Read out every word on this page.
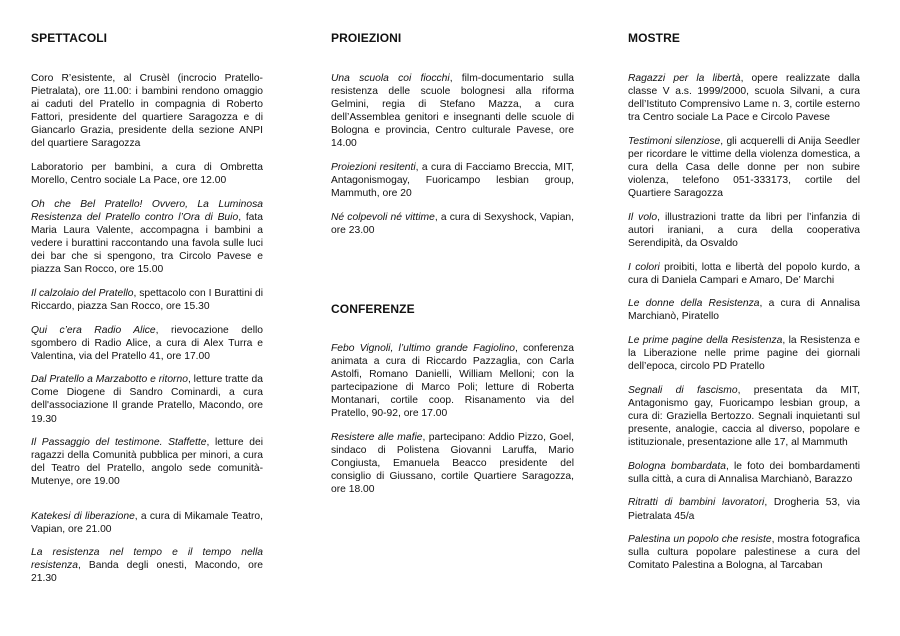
SPETTACOLI

Coro R’esistente, al Crusèl (incrocio Pratello-Pietralata), ore 11.00: i bambini rendono omaggio ai caduti del Pratello in compagnia di Roberto Fattori, presidente del quartiere Saragozza e di Giancarlo Grazia, presidente della sezione ANPI del quartiere Saragozza

Laboratorio per bambini, a cura di Ombretta Morello, Centro sociale La Pace, ore 12.00

Oh che Bel Pratello! Ovvero, La Luminosa Resistenza del Pratello contro l’Ora di Buio, fata Maria Laura Valente, accompagna i bambini a vedere i burattini raccontando una favola sulle luci dei bar che si spengono, tra Circolo Pavese e piazza San Rocco, ore 15.00

Il calzolaio del Pratello, spettacolo con I Burattini di Riccardo, piazza San Rocco, ore 15.30

Qui c’era Radio Alice, rievocazione dello sgombero di Radio Alice, a cura di Alex Turra e Valentina, via del Pratello 41, ore 17.00

Dal Pratello a Marzabotto e ritorno, letture tratte da Come Diogene di Sandro Cominardi, a cura dell'associazione Il grande Pratello, Macondo, ore 19.30

Il Passaggio del testimone. Staffette, letture dei ragazzi della Comunità pubblica per minori, a cura del Teatro del Pratello, angolo sede comunità-Mutenye, ore 19.00

Katekesi di liberazione, a cura di Mikamale Teatro, Vapian, ore 21.00

La resistenza nel tempo e il tempo nella resistenza, Banda degli onesti, Macondo, ore 21.30

PROIEZIONI

Una scuola coi fiocchi, film-documentario sulla resistenza delle scuole bolognesi alla riforma Gelmini, regia di Stefano Mazza, a cura dell’Assemblea genitori e insegnanti delle scuole di Bologna e provincia, Centro culturale Pavese, ore 14.00

Proiezioni resitenti, a cura di Facciamo Breccia, MIT, Antagonismogay, Fuoricampo lesbian group, Mammuth, ore 20

Né colpevoli né vittime, a cura di Sexyshock, Vapian, ore 23.00

CONFERENZE

Febo Vignoli, l’ultimo grande Fagiolino, conferenza animata a cura di Riccardo Pazzaglia, con Carla Astolfi, Romano Danielli, William Melloni; con la partecipazione di Marco Poli; letture di Roberta Montanari, cortile coop. Risanamento via del Pratello, 90-92, ore 17.00

Resistere alle mafie, partecipano: Addio Pizzo, Goel, sindaco di Polistena Giovanni Laruffa, Mario Congiusta, Emanuela Beacco presidente del consiglio di Giussano, cortile Quartiere Saragozza, ore 18.00

MOSTRE

Ragazzi per la libertà, opere realizzate dalla classe V a.s. 1999/2000, scuola Silvani, a cura dell’Istituto Comprensivo Lame n. 3, cortile esterno tra Centro sociale La Pace e Circolo Pavese

Testimoni silenziose, gli acquerelli di Anija Seedler per ricordare le vittime della violenza domestica, a cura della Casa delle donne per non subire violenza, telefono 051-333173, cortile del Quartiere Saragozza

Il volo, illustrazioni tratte da libri per l’infanzia di autori iraniani, a cura della cooperativa Serendipità, da Osvaldo

I colori proibiti, lotta e libertà del popolo kurdo, a cura di Daniela Campari e Amaro, De’ Marchi

Le donne della Resistenza, a cura di Annalisa Marchianò, Piratello

Le prime pagine della Resistenza, la Resistenza e la Liberazione nelle prime pagine dei giornali dell’epoca, circolo PD Pratello

Segnali di fascismo, presentata da MIT, Antagonismo gay, Fuoricampo lesbian group, a cura di: Graziella Bertozzo. Segnali inquietanti sul presente, analogie, caccia al diverso, popolare e istituzionale, presentazione alle 17, al Mammuth

Bologna bombardata, le foto dei bombardamenti sulla città, a cura di Annalisa Marchianò, Barazzo

Ritratti di bambini lavoratori, Drogheria 53, via Pietralata 45/a

Palestina un popolo che resiste, mostra fotografica sulla cultura popolare palestinese a cura del Comitato Palestina a Bologna, al Tarcaban
